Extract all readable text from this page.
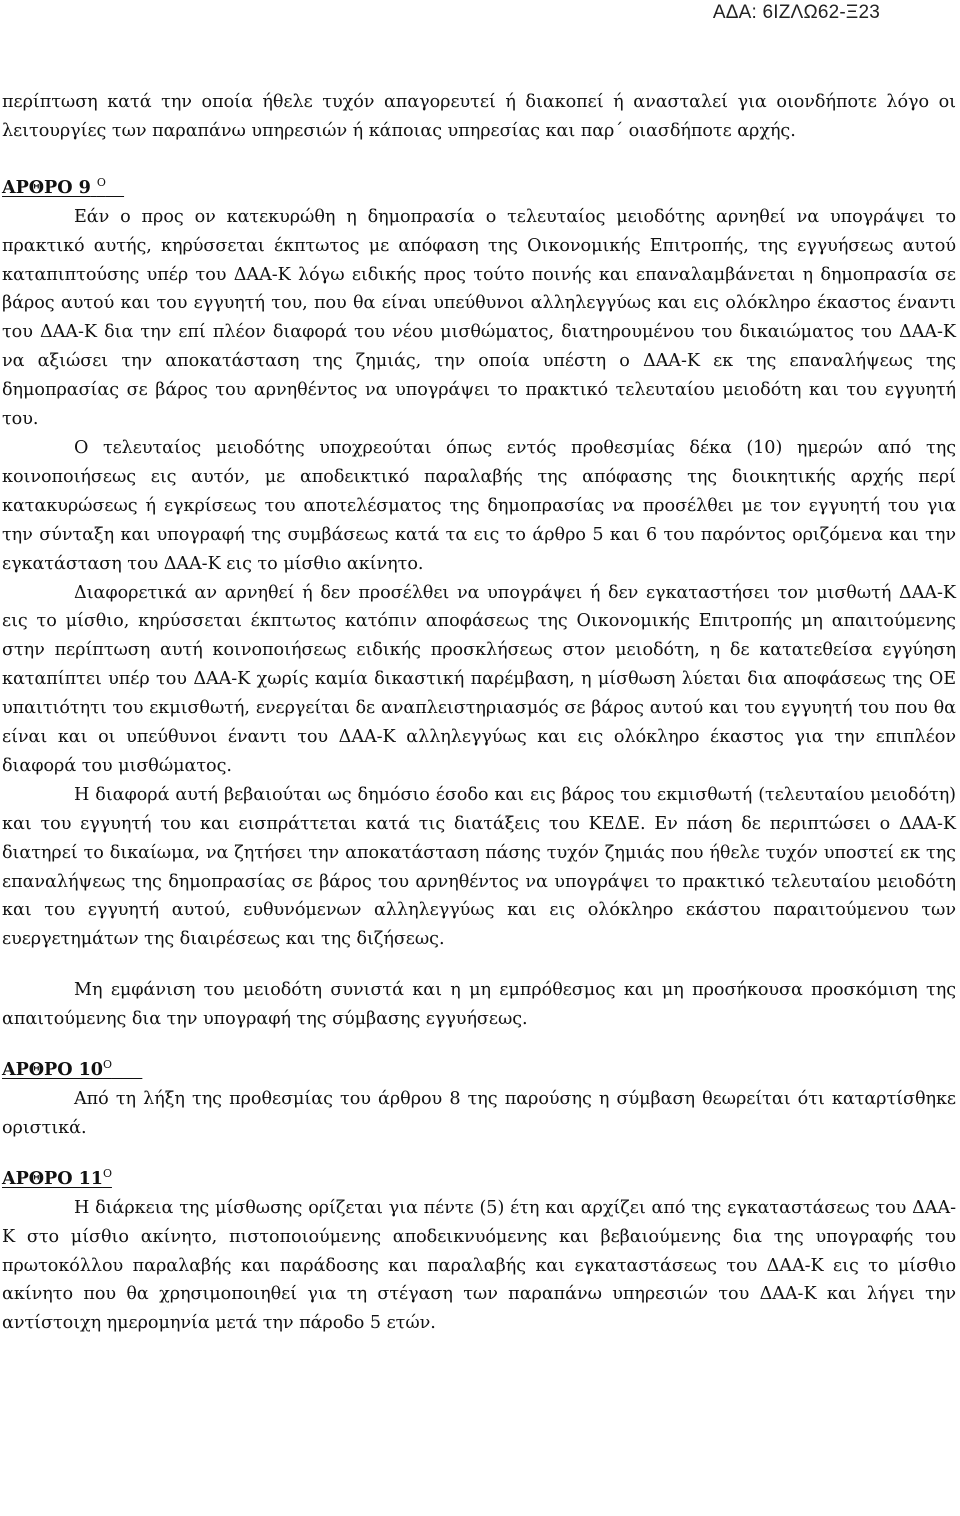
ΑΔΑ: 6ΙΖΛΩ62-Ξ23

περίπτωση κατά την οποία ήθελε τυχόν απαγορευτεί ή διακοπεί ή ανασταλεί για οιονδήποτε λόγο οι λειτουργίες των παραπάνω υπηρεσιών ή κάποιας υπηρεσίας και παρ΄ οιασδήποτε αρχής.

ΑΡΘΡΟ 9 $^O$

Εάν ο προς ον κατεκυρώθη η δημοπρασία ο τελευταίος μειοδότης αρνηθεί να υπογράψει το πρακτικό αυτής, κηρύσσεται έκπτωτος με απόφαση της Οικονομικής Επιτροπής, της εγγυήσεως αυτού καταπιπτούσης υπέρ του ΔΑΑ-Κ λόγω ειδικής προς τούτο ποινής και επαναλαμβάνεται η δημοπρασία σε βάρος αυτού και του εγγυητή του, που θα είναι υπεύθυνοι αλληλεγγύως και εις ολόκληρο έκαστος έναντι του ΔΑΑ-Κ δια την επί πλέον διαφορά του νέου μισθώματος, διατηρουμένου του δικαιώματος του ΔΑΑ-Κ να αξιώσει την αποκατάσταση της ζημιάς, την οποία υπέστη ο ΔΑΑ-Κ εκ της επαναλήψεως της δημοπρασίας σε βάρος του αρνηθέντος να υπογράψει το πρακτικό τελευταίου μειοδότη και του εγγυητή του.

Ο τελευταίος μειοδότης υποχρεούται όπως εντός προθεσμίας δέκα (10) ημερών από της κοινοποιήσεως εις αυτόν, με αποδεικτικό παραλαβής της απόφασης της διοικητικής αρχής περί κατακυρώσεως ή εγκρίσεως του αποτελέσματος της δημοπρασίας να προσέλθει με τον εγγυητή του για την σύνταξη και υπογραφή της συμβάσεως κατά τα εις το άρθρο 5 και 6 του παρόντος οριζόμενα και την εγκατάσταση του ΔΑΑ-Κ εις το μίσθιο ακίνητο.

Διαφορετικά αν αρνηθεί ή δεν προσέλθει να υπογράψει ή δεν εγκαταστήσει τον μισθωτή ΔΑΑ-Κ εις το μίσθιο, κηρύσσεται έκπτωτος κατόπιν αποφάσεως της Οικονομικής Επιτροπής μη απαιτούμενης στην περίπτωση αυτή κοινοποιήσεως ειδικής προσκλήσεως στον μειοδότη, η δε κατατεθείσα εγγύηση καταπίπτει υπέρ του ΔΑΑ-Κ χωρίς καμία δικαστική παρέμβαση, η μίσθωση λύεται δια αποφάσεως της ΟΕ υπαιτιότητι του εκμισθωτή, ενεργείται δε αναπλειστηριασμός σε βάρος αυτού και του εγγυητή του που θα είναι και οι υπεύθυνοι έναντι του ΔΑΑ-Κ αλληλεγγύως και εις ολόκληρο έκαστος για την επιπλέον διαφορά του μισθώματος.

Η διαφορά αυτή βεβαιούται ως δημόσιο έσοδο και εις βάρος του εκμισθωτή (τελευταίου μειοδότη) και του εγγυητή του και εισπράττεται κατά τις διατάξεις του ΚΕΔΕ. Εν πάση δε περιπτώσει ο ΔΑΑ-Κ διατηρεί το δικαίωμα, να ζητήσει την αποκατάσταση πάσης τυχόν ζημιάς που ήθελε τυχόν υποστεί εκ της επαναλήψεως της δημοπρασίας σε βάρος του αρνηθέντος να υπογράψει το πρακτικό τελευταίου μειοδότη και του εγγυητή αυτού, ευθυνόμενων αλληλεγγύως και εις ολόκληρο εκάστου παραιτούμενου των ευεργετημάτων της διαιρέσεως και της διζήσεως.

Μη εμφάνιση του μειοδότη συνιστά και η μη εμπρόθεσμος και μη προσήκουσα προσκόμιση της απαιτούμενης δια την υπογραφή της σύμβασης εγγυήσεως.

ΑΡΘΡΟ $10^O$

Από τη λήξη της προθεσμίας του άρθρου 8 της παρούσης η σύμβαση θεωρείται ότι καταρτίσθηκε οριστικά.

ΑΡΘΡΟ $11^O$

Η διάρκεια της μίσθωσης ορίζεται για πέντε (5) έτη και αρχίζει από της εγκαταστάσεως του ΔΑΑ-Κ στο μίσθιο ακίνητο, πιστοποιούμενης αποδεικνυόμενης και βεβαιούμενης δια της υπογραφής του πρωτοκόλλου παραλαβής και παράδοσης και παραλαβής και εγκαταστάσεως του ΔΑΑ-Κ εις το μίσθιο ακίνητο που θα χρησιμοποιηθεί για τη στέγαση των παραπάνω υπηρεσιών του ΔΑΑ-Κ και λήγει την αντίστοιχη ημερομηνία μετά την πάροδο 5 ετών.
